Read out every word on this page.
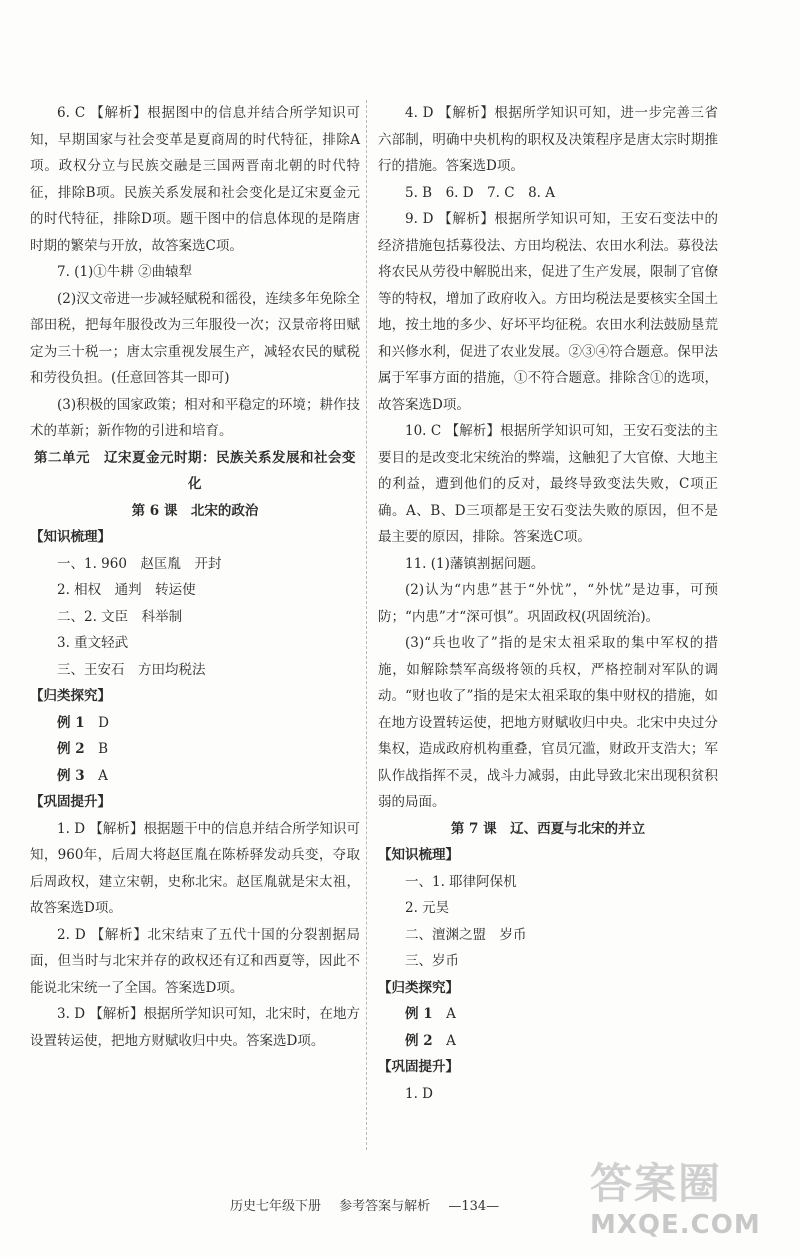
6. C 【解析】根据图中的信息并结合所学知识可知，早期国家与社会变革是夏商周的时代特征，排除A项。政权分立与民族交融是三国两晋南北朝的时代特征，排除B项。民族关系发展和社会变化是辽宋夏金元的时代特征，排除D项。题干图中的信息体现的是隋唐时期的繁荣与开放，故答案选C项。

7. (1)①牛耕 ②曲辕犁

(2)汉文帝进一步减轻赋税和徭役，连续多年免除全部田税，把每年服役改为三年服役一次；汉景帝将田赋定为三十税一；唐太宗重视发展生产，减轻农民的赋税和劳役负担。(任意回答其一即可)

(3)积极的国家政策；相对和平稳定的环境；耕作技术的革新；新作物的引进和培育。

第二单元　辽宋夏金元时期：民族关系发展和社会变化

第 6 课　北宋的政治

【知识梳理】

一、1. 960　赵匡胤　开封

2. 相权　通判　转运使

二、2. 文臣　科举制

3. 重文轻武

三、王安石　方田均税法

【归类探究】

例 1　 D

例 2　 B

例 3　 A

【巩固提升】

1. D 【解析】根据题干中的信息并结合所学知识可知，960年，后周大将赵匡胤在陈桥驿发动兵变，夺取后周政权，建立宋朝，史称北宋。赵匡胤就是宋太祖，故答案选D项。

2. D 【解析】北宋结束了五代十国的分裂割据局面，但当时与北宋并存的政权还有辽和西夏等，因此不能说北宋统一了全国。答案选D项。

3. D 【解析】根据所学知识可知，北宋时，在地方设置转运使，把地方财赋收归中央。答案选D项。

4. D 【解析】根据所学知识可知，进一步完善三省六部制，明确中央机构的职权及决策程序是唐太宗时期推行的措施。答案选D项。

5. B　6. D　7. C　8. A

9. D 【解析】根据所学知识可知，王安石变法中的经济措施包括募役法、方田均税法、农田水利法。募役法将农民从劳役中解脱出来，促进了生产发展，限制了官僚等的特权，增加了政府收入。方田均税法是要核实全国土地，按土地的多少、好坏平均征税。农田水利法鼓励垦荒和兴修水利，促进了农业发展。②③④符合题意。保甲法属于军事方面的措施，①不符合题意。排除含①的选项，故答案选D项。

10. C 【解析】根据所学知识可知，王安石变法的主要目的是改变北宋统治的弊端，这触犯了大官僚、大地主的利益，遭到他们的反对，最终导致变法失败，C项正确。A、B、D三项都是王安石变法失败的原因，但不是最主要的原因，排除。答案选C项。

11. (1)藩镇割据问题。

(2)认为“内患”甚于“外忧”，“外忧”是边事，可预防；“内患”才“深可惧”。巩固政权(巩固统治)。

(3)“兵也收了”指的是宋太祖采取的集中军权的措施，如解除禁军高级将领的兵权，严格控制对军队的调动。“财也收了”指的是宋太祖采取的集中财权的措施，如在地方设置转运使，把地方财赋收归中央。北宋中央过分集权，造成政府机构重叠，官员冗滥，财政开支浩大；军队作战指挥不灵，战斗力减弱，由此导致北宋出现积贫积弱的局面。

第 7 课　辽、西夏与北宋的并立

【知识梳理】

一、1. 耶律阿保机

2. 元昊

二、澶渊之盟　岁币

三、岁币

【归类探究】

例 1　 A

例 2　 A

【巩固提升】

1. D

历史七年级下册 参考答案与解析 —134—	答案圈
MXQE.COM
